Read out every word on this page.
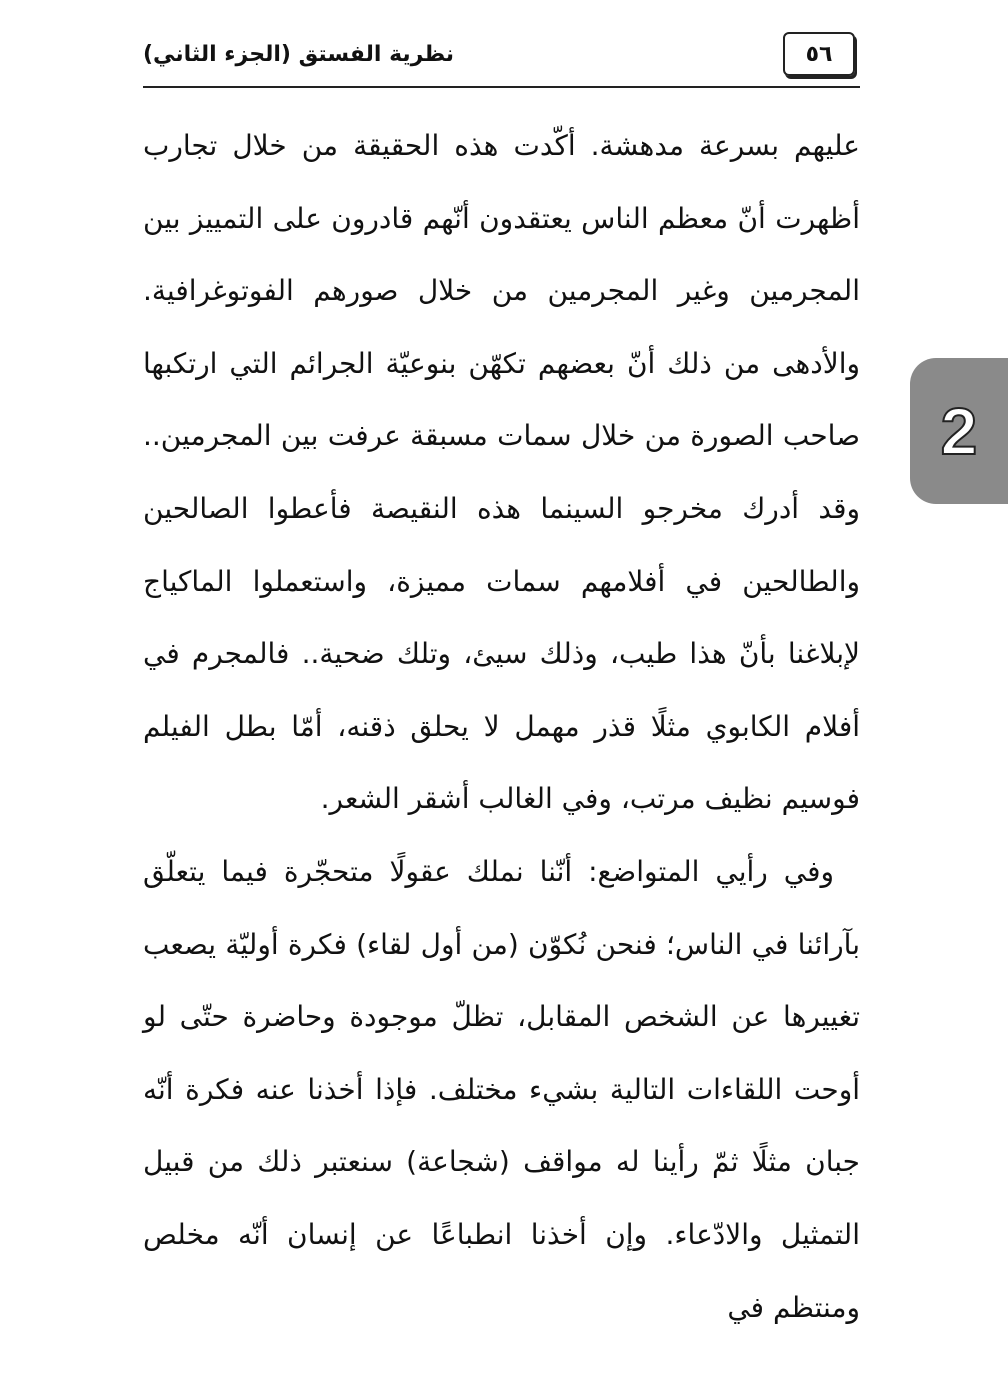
٥٦
نظرية الفستق (الجزء الثاني)

عليهم بسرعة مدهشة. أكّدت هذه الحقيقة من خلال تجارب أظهرت أنّ معظم الناس يعتقدون أنّهم قادرون على التمييز بين المجرمين وغير المجرمين من خلال صورهم الفوتوغرافية. والأدهى من ذلك أنّ بعضهم تكهّن بنوعيّة الجرائم التي ارتكبها صاحب الصورة من خلال سمات مسبقة عرفت بين المجرمين.. وقد أدرك مخرجو السينما هذه النقيصة فأعطوا الصالحين والطالحين في أفلامهم سمات مميزة، واستعملوا الماكياج لإبلاغنا بأنّ هذا طيب، وذلك سيئ، وتلك ضحية.. فالمجرم في أفلام الكابوي مثلًا قذر مهمل لا يحلق ذقنه، أمّا بطل الفيلم فوسيم نظيف مرتب، وفي الغالب أشقر الشعر.

وفي رأيي المتواضع: أنّنا نملك عقولًا متحجّرة فيما يتعلّق بآرائنا في الناس؛ فنحن نُكوّن (من أول لقاء) فكرة أوليّة يصعب تغييرها عن الشخص المقابل، تظلّ موجودة وحاضرة حتّى لو أوحت اللقاءات التالية بشيء مختلف. فإذا أخذنا عنه فكرة أنّه جبان مثلًا ثمّ رأينا له مواقف (شجاعة) سنعتبر ذلك من قبيل التمثيل والادّعاء. وإن أخذنا انطباعًا عن إنسان أنّه مخلص ومنتظم في

2
